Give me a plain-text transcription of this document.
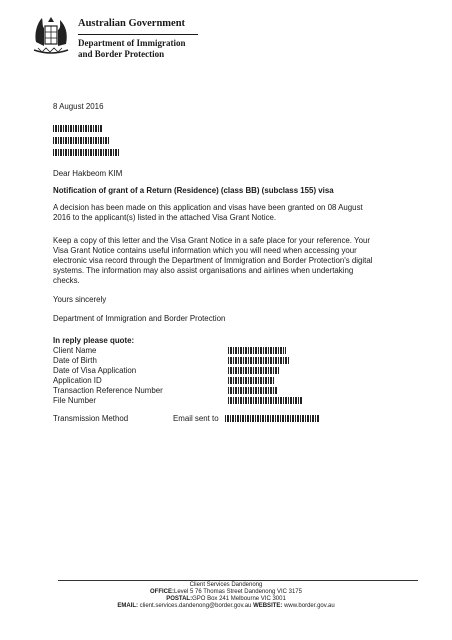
Australian Government
Department of Immigration
and Border Protection
8 August 2016
Dear Hakbeom KIM
Notification of grant of a Return (Residence) (class BB) (subclass 155) visa
A decision has been made on this application and visas have been granted on 08 August
2016 to the applicant(s) listed in the attached Visa Grant Notice.
Keep a copy of this letter and the Visa Grant Notice in a safe place for your reference. Your
Visa Grant Notice contains useful information which you will need when accessing your
electronic visa record through the Department of Immigration and Border Protection's digital
systems. The information may also assist organisations and airlines when undertaking
checks.
Yours sincerely
Department of Immigration and Border Protection
In reply please quote:
Client Name
Date of Birth
Date of Visa Application
Application ID
Transaction Reference Number
File Number
Transmission Method	Email sent to
Client Services Dandenong
OFFICE:Level 5 76 Thomas Street Dandenong VIC 3175
POSTAL:GPO Box 241 Melbourne VIC 3001
EMAIL: client.services.dandenong@border.gov.au WEBSITE: www.border.gov.au
